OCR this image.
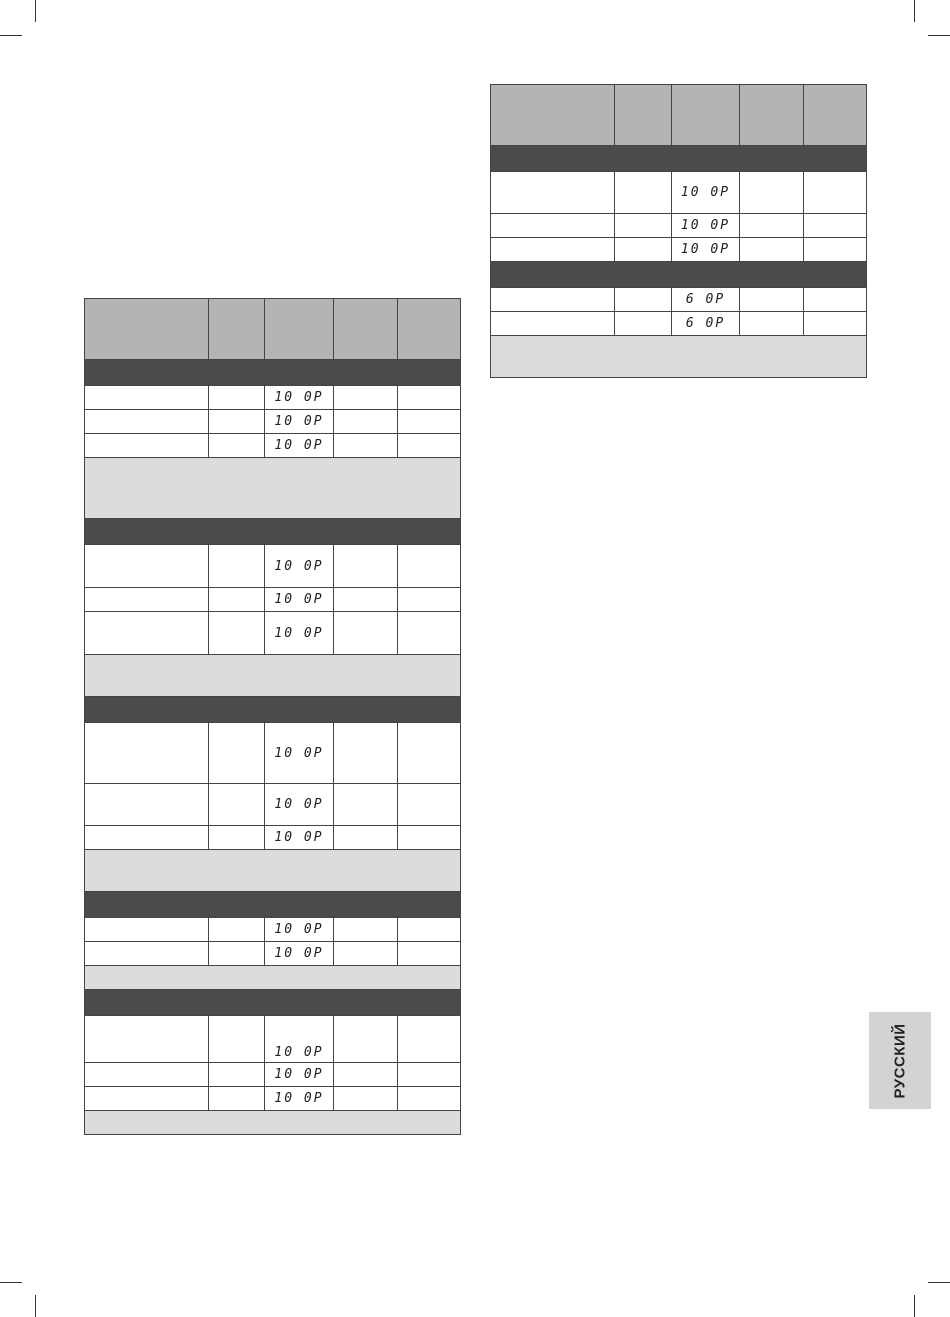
		10 0P		
		10 0P		
		10 0P		

		10 0P		
		10 0P		
		10 0P		

		10 0P		
		10 0P		
		10 0P		

		10 0P		
		10 0P		

		10 0P		
		10 0P		
		10 0P		

		10 0P		
		10 0P		
		10 0P		

		6 0P		
		6 0P		

РУССКИЙ
